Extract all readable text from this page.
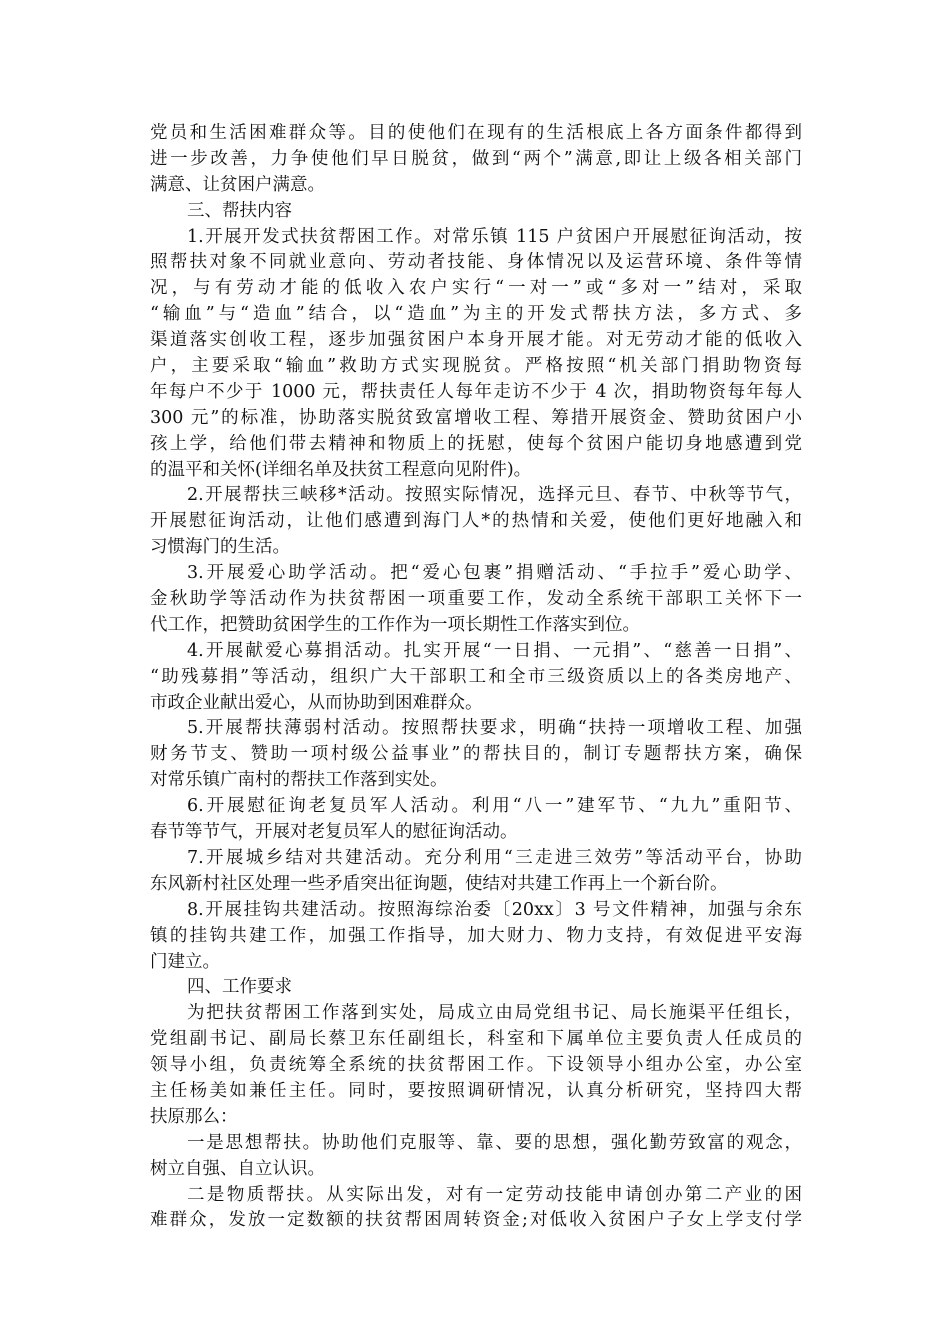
党员和生活困难群众等。目的使他们在现有的生活根底上各方面条件都得到
进一步改善，力争使他们早日脱贫，做到“两个”满意,即让上级各相关部门
满意、让贫困户满意。
三、帮扶内容
1.开展开发式扶贫帮困工作。对常乐镇 115 户贫困户开展慰征询活动，按
照帮扶对象不同就业意向、劳动者技能、身体情况以及运营环境、条件等情
况，与有劳动才能的低收入农户实行“一对一”或“多对一”结对，采取
“输血”与“造血”结合，以“造血”为主的开发式帮扶方法，多方式、多
渠道落实创收工程，逐步加强贫困户本身开展才能。对无劳动才能的低收入
户，主要采取“输血”救助方式实现脱贫。严格按照“机关部门捐助物资每
年每户不少于 1000 元，帮扶责任人每年走访不少于 4 次，捐助物资每年每人
300 元”的标准，协助落实脱贫致富增收工程、筹措开展资金、赞助贫困户小
孩上学，给他们带去精神和物质上的抚慰，使每个贫困户能切身地感遭到党
的温平和关怀(详细名单及扶贫工程意向见附件)。
2.开展帮扶三峡移*活动。按照实际情况，选择元旦、春节、中秋等节气，
开展慰征询活动，让他们感遭到海门人*的热情和关爱，使他们更好地融入和
习惯海门的生活。
3.开展爱心助学活动。把“爱心包裹”捐赠活动、“手拉手”爱心助学、
金秋助学等活动作为扶贫帮困一项重要工作，发动全系统干部职工关怀下一
代工作，把赞助贫困学生的工作作为一项长期性工作落实到位。
4.开展献爱心募捐活动。扎实开展“一日捐、一元捐”、“慈善一日捐”、
“助残募捐”等活动，组织广大干部职工和全市三级资质以上的各类房地产、
市政企业献出爱心，从而协助到困难群众。
5.开展帮扶薄弱村活动。按照帮扶要求，明确“扶持一项增收工程、加强
财务节支、赞助一项村级公益事业”的帮扶目的，制订专题帮扶方案，确保
对常乐镇广南村的帮扶工作落到实处。
6.开展慰征询老复员军人活动。利用“八一”建军节、“九九”重阳节、
春节等节气，开展对老复员军人的慰征询活动。
7.开展城乡结对共建活动。充分利用“三走进三效劳”等活动平台，协助
东风新村社区处理一些矛盾突出征询题，使结对共建工作再上一个新台阶。
8.开展挂钩共建活动。按照海综治委〔20xx〕3 号文件精神，加强与余东
镇的挂钩共建工作，加强工作指导，加大财力、物力支持，有效促进平安海
门建立。
四、工作要求
为把扶贫帮困工作落到实处，局成立由局党组书记、局长施渠平任组长，
党组副书记、副局长蔡卫东任副组长，科室和下属单位主要负责人任成员的
领导小组，负责统筹全系统的扶贫帮困工作。下设领导小组办公室，办公室
主任杨美如兼任主任。同时，要按照调研情况，认真分析研究，坚持四大帮
扶原那么：
一是思想帮扶。协助他们克服等、靠、要的思想，强化勤劳致富的观念，
树立自强、自立认识。
二是物质帮扶。从实际出发，对有一定劳动技能申请创办第二产业的困
难群众，发放一定数额的扶贫帮困周转资金;对低收入贫困户子女上学支付学
